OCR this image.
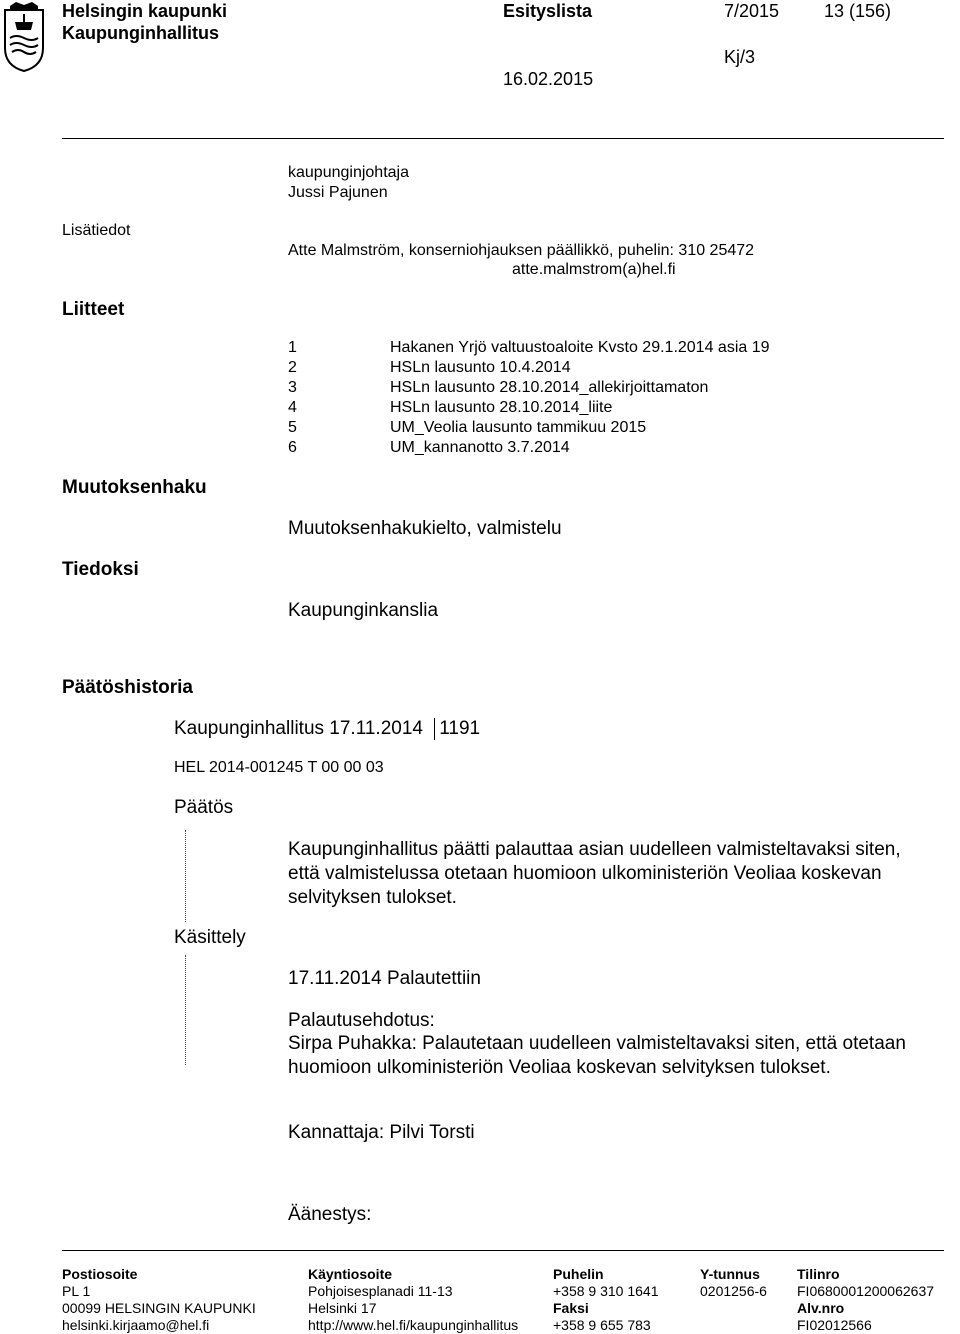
Helsingin kaupunki
Kaupunginhallitus
Esityslista	7/2015 13 (156)
Kj/3
16.02.2015
kaupunginjohtaja
Jussi Pajunen
Lisätiedot
Atte Malmström, konserniohjauksen päällikkö, puhelin: 310 25472
atte.malmstrom(a)hel.fi
Liitteet
1	Hakanen Yrjö valtuustoaloite Kvsto 29.1.2014 asia 19
2	HSLn lausunto 10.4.2014
3	HSLn lausunto 28.10.2014_allekirjoittamaton
4	HSLn lausunto 28.10.2014_liite
5	UM_Veolia lausunto tammikuu 2015
6	UM_kannanotto 3.7.2014
Muutoksenhaku
Muutoksenhakukielto, valmistelu
Tiedoksi
Kaupunginkanslia
Päätöshistoria
Kaupunginhallitus 17.11.2014 1191
HEL 2014-001245 T 00 00 03
Päätös
Kaupunginhallitus päätti palauttaa asian uudelleen valmisteltavaksi siten, että valmistelussa otetaan huomioon ulkoministeriön Veoliaa koskevan selvityksen tulokset.
Käsittely
17.11.2014 Palautettiin
Palautusehdotus:
Sirpa Puhakka: Palautetaan uudelleen valmisteltavaksi siten, että otetaan huomioon ulkoministeriön Veoliaa koskevan selvityksen tulokset.
Kannattaja: Pilvi Torsti
Äänestys:
Postiosoite
PL 1
00099 HELSINGIN KAUPUNKI
helsinki.kirjaamo@hel.fi
Käyntiosoite
Pohjoisesplanadi 11-13
Helsinki 17
http://www.hel.fi/kaupunginhallitus
Puhelin
+358 9 310 1641
Faksi
+358 9 655 783
Y-tunnus
0201256-6
Tilinro
FI0680001200062637
Alv.nro
FI02012566
